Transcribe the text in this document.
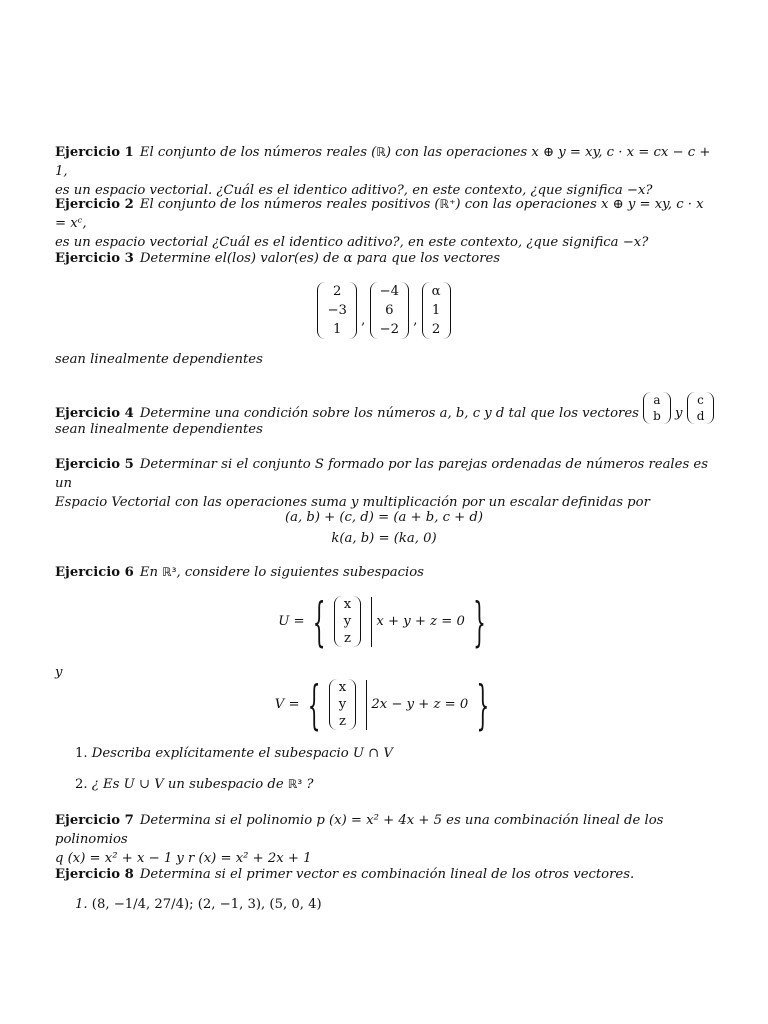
Ejercicio 1 El conjunto de los números reales (ℝ) con las operaciones x ⊕ y = xy, c · x = cx − c + 1,
es un espacio vectorial. ¿Cuál es el identico aditivo?, en este contexto, ¿que significa −x?
Ejercicio 2 El conjunto de los números reales positivos (ℝ⁺) con las operaciones x ⊕ y = xy, c · x = xᶜ,
es un espacio vectorial ¿Cuál es el identico aditivo?, en este contexto, ¿que significa −x?
Ejercicio 3 Determine el(los) valor(es) de α para que los vectores
2
−3
1
,
−4
6
−2
,
α
1
2
sean linealmente dependientes
Ejercicio 4 Determine una condición sobre los números a, b, c y d tal que los vectores
a
b y
c
d
sean linealmente dependientes
Ejercicio 5 Determinar si el conjunto S formado por las parejas ordenadas de números reales es un
Espacio Vectorial con las operaciones suma y multiplicación por un escalar definidas por
(a, b) + (c, d) = (a + b, c + d)
k(a, b) = (ka, 0)
Ejercicio 6 En ℝ³, considere lo siguientes subespacios
U = { x
y
z
x + y + z = 0 }
y
V = { x
y
z
2x − y + z = 0 }
1. Describa explícitamente el subespacio U ∩ V
2. ¿ Es U ∪ V un subespacio de ℝ³ ?
Ejercicio 7 Determina si el polinomio p (x) = x² + 4x + 5 es una combinación lineal de los polinomios
q (x) = x² + x − 1 y r (x) = x² + 2x + 1
Ejercicio 8 Determina si el primer vector es combinación lineal de los otros vectores.
1. (8, −1/4, 27/4); (2, −1, 3), (5, 0, 4)
